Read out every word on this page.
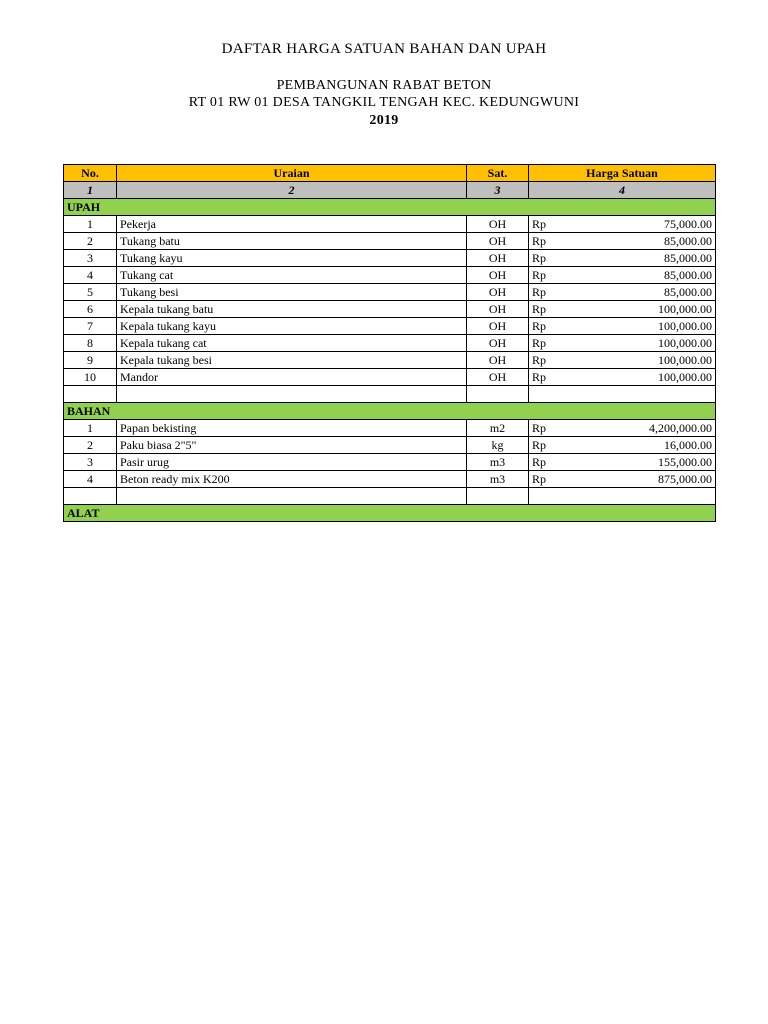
DAFTAR HARGA SATUAN BAHAN DAN UPAH
PEMBANGUNAN RABAT BETON
RT 01 RW 01 DESA TANGKIL TENGAH KEC. KEDUNGWUNI
2019
No.	Uraian	Sat.	Harga Satuan
1	2	3	4
UPAH			
1	Pekerja	OH	Rp 75,000.00

2	Tukang batu	OH	Rp 85,000.00

3	Tukang kayu	OH	Rp 85,000.00

4	Tukang cat	OH	Rp 85,000.00

5	Tukang besi	OH	Rp 85,000.00

6	Kepala tukang batu	OH	Rp 100,000.00

7	Kepala tukang kayu	OH	Rp 100,000.00

8	Kepala tukang cat	OH	Rp 100,000.00

9	Kepala tukang besi	OH	Rp 100,000.00

10	Mandor	OH	Rp 100,000.00

BAHAN			
1	Papan bekisting	m2	Rp 4,200,000.00

2	Paku biasa 2"5"	kg	Rp 16,000.00

3	Pasir urug	m3	Rp 155,000.00

4	Beton ready mix K200	m3	Rp 875,000.00

ALAT			
